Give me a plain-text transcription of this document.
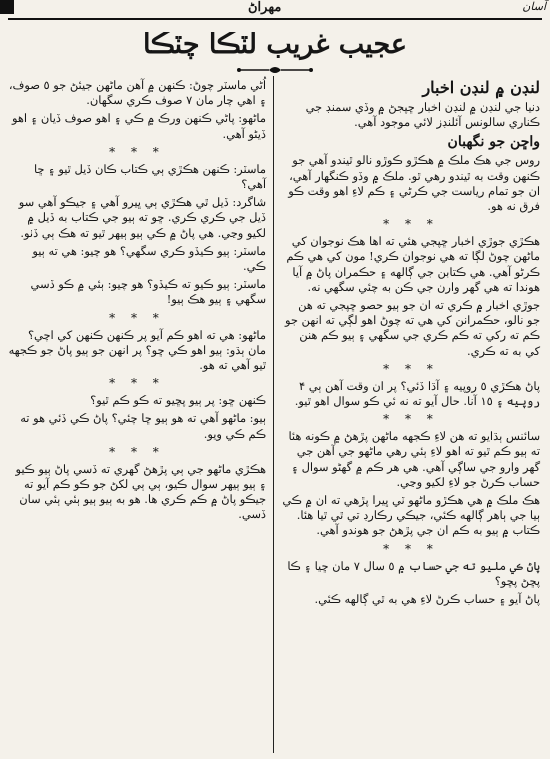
آسان
مهراڻ
عجيب غريب لٽڪا چٽڪا
لنڊن ۾ لنڊن اخبار

دنيا جي لنڊن ۾ لنڊن اخبار ڇپجڻ ۾ وڏي سمنڊ جي ڪناري سالونس آئلنڊز لائي موجود آهي.

واڇن جو نگهبان

روس جي هڪ ملڪ ۾ هڪڙو ڪوڙو نالو ٿيندو آهي جو ڪنهن وقت به ٿيندو رهي ٿو. ملڪ ۾ وڏو ڪنگهار آهي، ان جو تمام رياست جي ڪرڻي ۽ ڪم لاءِ اهو وقت ڪو فرق نه هو.

* * *

هڪڙي جوڙي اخبار ڇپجي هئي ته اها هڪ نوجوان کي ماڻهن چوڻ لڳا ته هي نوجوان ڪري! مون کي هي ڪم ڪرڻو آهي. هي ڪتابن جي ڳالهه ۽ حڪمران پاڻ ۾ آيا هوندا ته هي گهر وارن جي ڪن به چئي سگهي نه.

جوڙي اخبار ۾ ڪري ته ان جو ٻيو حصو ڇپجي ته هن جو نالو، حڪمرانن کي هي ته چوڻ اهو لڳي ته انهن جو ڪم ته رکي ته ڪم ڪري جي سگهي ۽ ٻيو ڪم هنن کي به ته ڪري.

* * *

پاڻ هڪڙي ٥ روپيه ۽ آڌا ڏئي؟ پر ان وقت آهن ٻي ۴ روپيه ۽ ١٥ آنا. حال آيو ته نه ئي ڪو سوال اهو ٿيو.

* * *

سائنس ٻڌايو ته هن لاءِ ڪجهه ماڻهن پڙهڻ ۾ ڪونه هئا ته ٻيو ڪم ٿيو ته اهو لاءِ ٻئي رهي ماڻهو جي آهن جي گهر وارو جي ساڳي آهي. هي هر ڪم ۾ گهڻو سوال ۽ حساب ڪرڻ جو لاءِ لکيو وڃي.

هڪ ملڪ ۾ هي هڪڙو ماڻهو ٽي ڀيرا پڙهي ته ان ۾ ڪي ٻيا جي ٻاهر ڳالهه ڪئي، جيڪي رڪارڊ تي ٿي ٿيا هئا. ڪتاب ۾ ٻيو به ڪم ان جي پڙهڻ جو هوندو آهي.

* * *

پاڻ ڪي مليو ته جي حساب ۾ ٥ سال ۷ مان ڇيا ۽ ڪا پڇڻ پڇو؟

پاڻ آيو ۽ حساب ڪرڻ لاءِ هي به ٿي ڳالهه ڪئي.

اُڻي ماسٽر چوڻ: ڪنهن ۾ آهن ماڻهن جيئڻ جو ٥ صوف، ۽ اهي چار مان ٧ صوف ڪري سگهان.

ماڻهو: پاڻي ڪنهن ورڪ ۾ ڪي ۽ اهو صوف ڏيان ۽ اهو ڏيڻو آهي.

* * *

ماسٽر: ڪنهن هڪڙي ٻي ڪتاب ڪان ڏيل ٿيو ۽ ڇا آهي؟

شاگرد: ڏيل ٿي هڪڙي ٻي ڀيرو آهي ۽ جيڪو آهي سو ڏيل جي ڪري ڪري. ڇو ته ٻيو جي ڪتاب به ڏيل ۾ لکيو وڃي. هي پاڻ ۾ ڪي ٻيو ٻيهر ٿيو ته هڪ ٻي ڏٺو.

ماسٽر: ٻيو ڪيڏو ڪري سگهي؟ هو چيو: هي ته ٻيو ڪي.

ماسٽر: ٻيو ڪيو ته ڪيڏو؟ هو چيو: ٻئي ۾ ڪو ڏسي سگهي ۽ ٻيو هڪ ٻيو!

* * *

ماڻهو: هي ته اهو ڪم آيو پر ڪنهن ڪنهن کي اچي؟ مان ٻڌو: ٻيو اهو ڪي ڇو؟ پر انهن جو ٻيو پاڻ جو ڪجهه ٿيو آهي ته هو.

* * *

ڪنهن ڇو: پر ٻيو پڇيو ته ڪو ڪم ٿيو؟

ٻيو: ماڻهو آهي ته هو ٻيو ڇا چئي؟ پاڻ ڪي ڏئي هو ته ڪم ڪي ويو.

* * *

هڪڙي ماڻهو جي ٻي پڙهڻ گهري ته ڏسي پاڻ ٻيو ڪيو ۽ ٻيو ٻيهر سوال ڪيو، ٻي ٻي لکڻ جو ڪو ڪم آيو ته جيڪو پاڻ ۾ ڪم ڪري ها. هو به ٻيو ٻيو ٻئي ٻئي سان ڏسي.
